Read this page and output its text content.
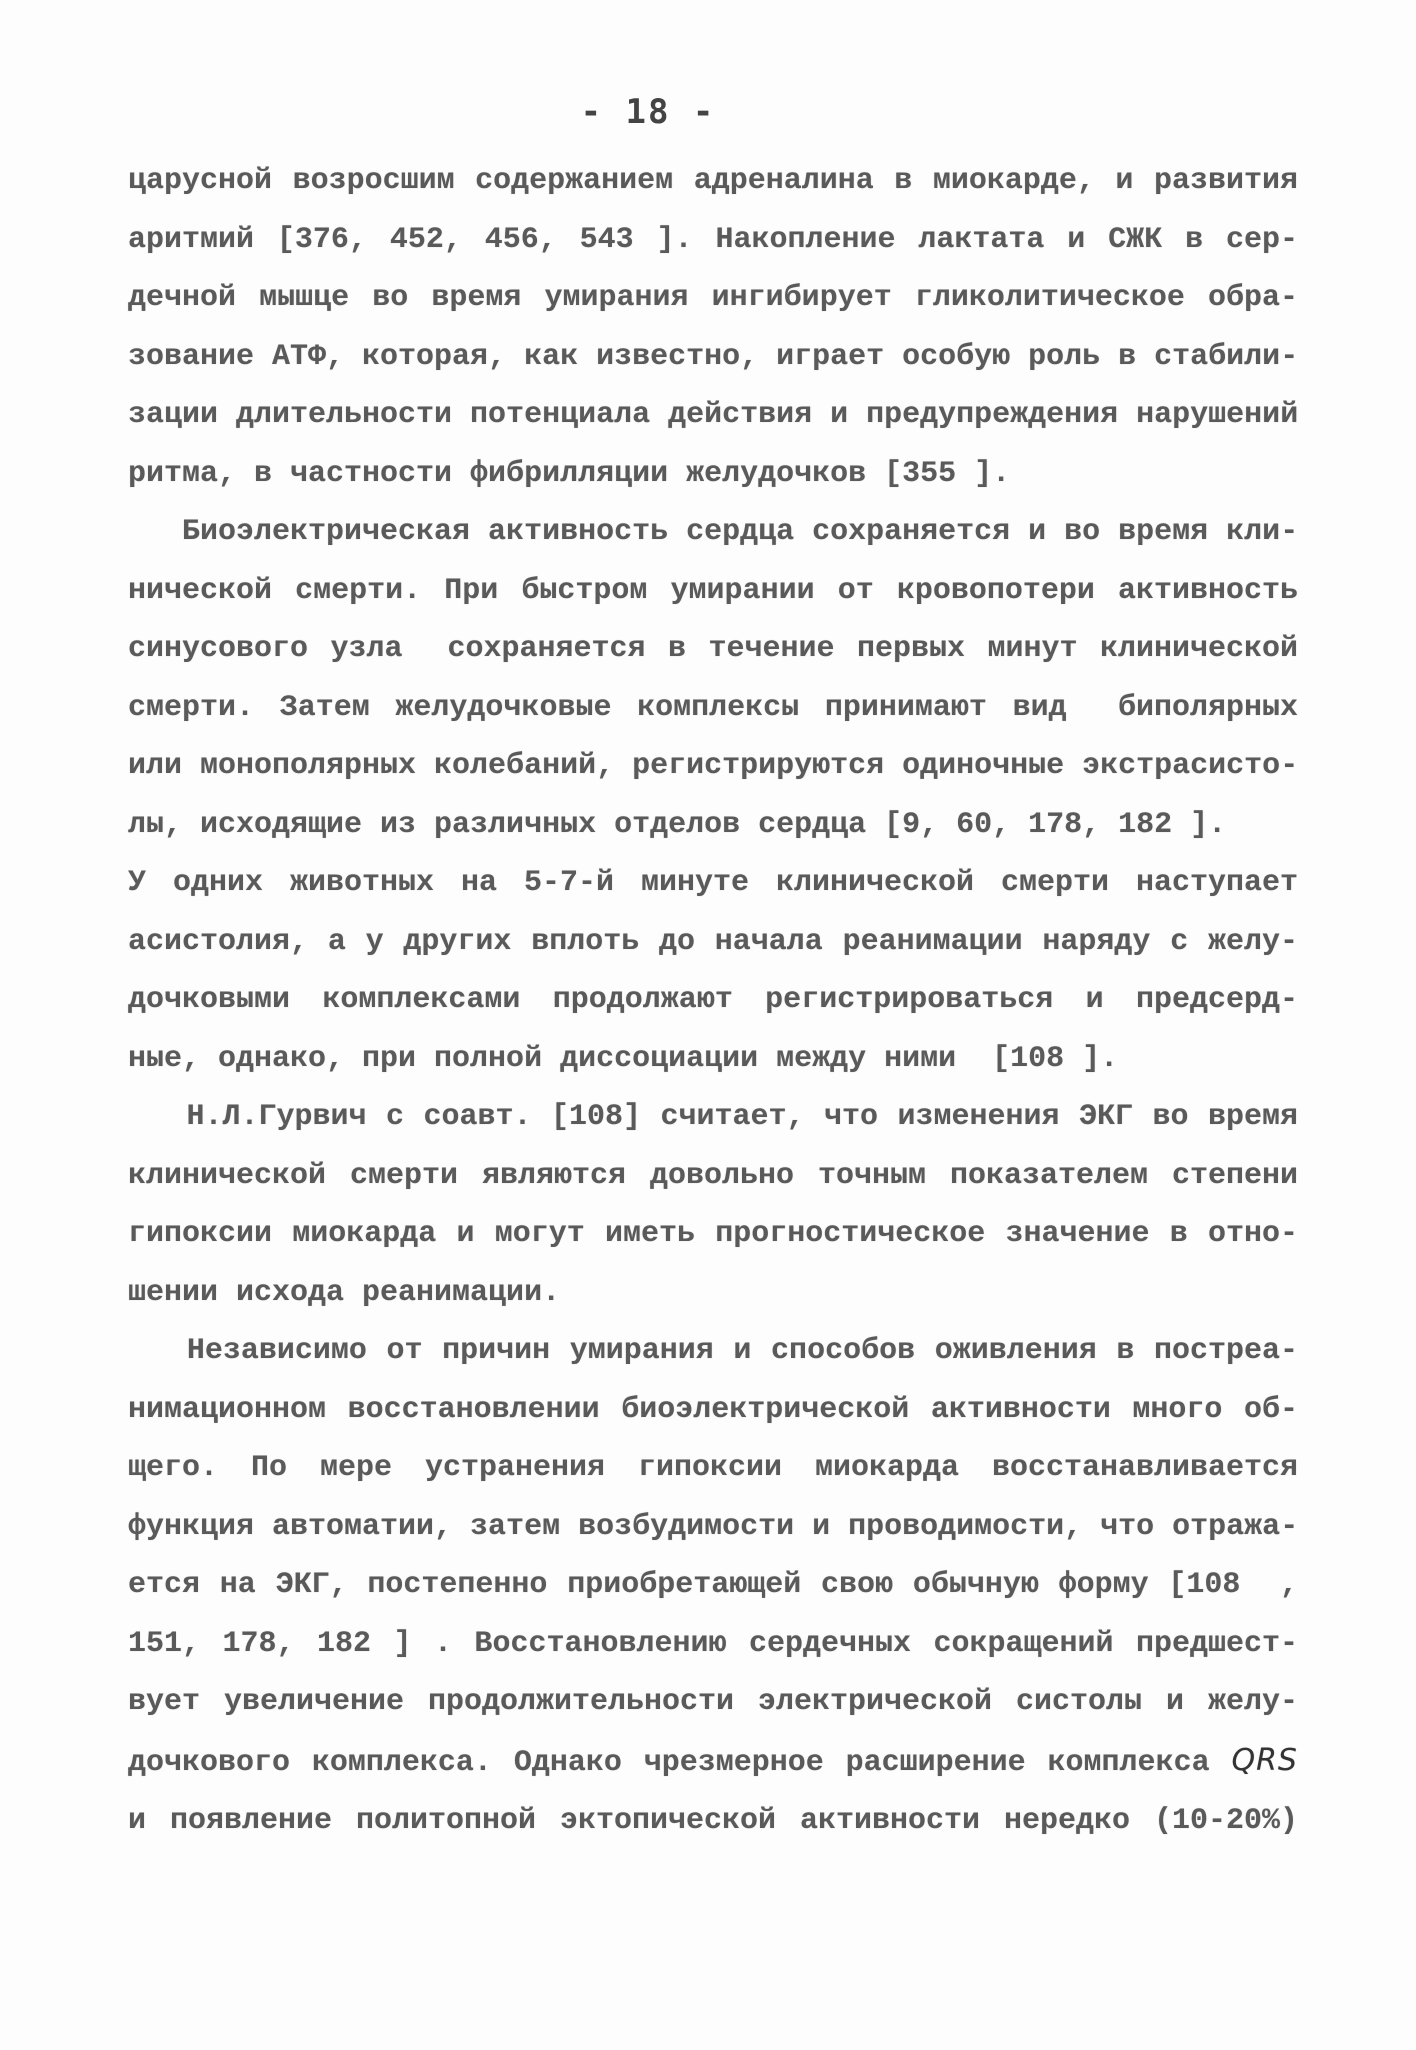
- 18 -
царусной возросшим содержанием адреналина в миокарде, и развития
аритмий [376, 452, 456, 543 ]. Накопление лактата и СЖК в сер-
дечной мышце во время умирания ингибирует гликолитическое обра-
зование АТФ, которая, как известно, играет особую роль в стабили-
зации длительности потенциала действия и предупреждения нарушений
ритма, в частности фибрилляции желудочков [355 ].
Биоэлектрическая активность сердца сохраняется и во время кли-
нической смерти. При быстром умирании от кровопотери активность
синусового узла  сохраняется в течение первых минут клинической
смерти. Затем желудочковые комплексы принимают вид  биполярных
или монополярных колебаний, регистрируются одиночные экстрасисто-
лы, исходящие из различных отделов сердца [9, 60, 178, 182 ].
У одних животных на 5-7-й минуте клинической смерти наступает
асистолия, а у других вплоть до начала реанимации наряду с желу-
дочковыми комплексами продолжают регистрироваться и предсерд-
ные, однако, при полной диссоциации между ними  [108 ].
Н.Л.Гурвич с соавт. [108] считает, что изменения ЭКГ во время
клинической смерти являются довольно точным показателем степени
гипоксии миокарда и могут иметь прогностическое значение в отно-
шении исхода реанимации.
Независимо от причин умирания и способов оживления в постреа-
нимационном восстановлении биоэлектрической активности много об-
щего. По мере устранения гипоксии миокарда восстанавливается
функция автоматии, затем возбудимости и проводимости, что отража-
ется на ЭКГ, постепенно приобретающей свою обычную форму [108  ,
151, 178, 182 ] . Восстановлению сердечных сокращений предшест-
вует увеличение продолжительности электрической систолы и желу-
дочкового комплекса. Однако чрезмерное расширение комплекса QRS
и появление политопной эктопической активности нередко (10-20%)
